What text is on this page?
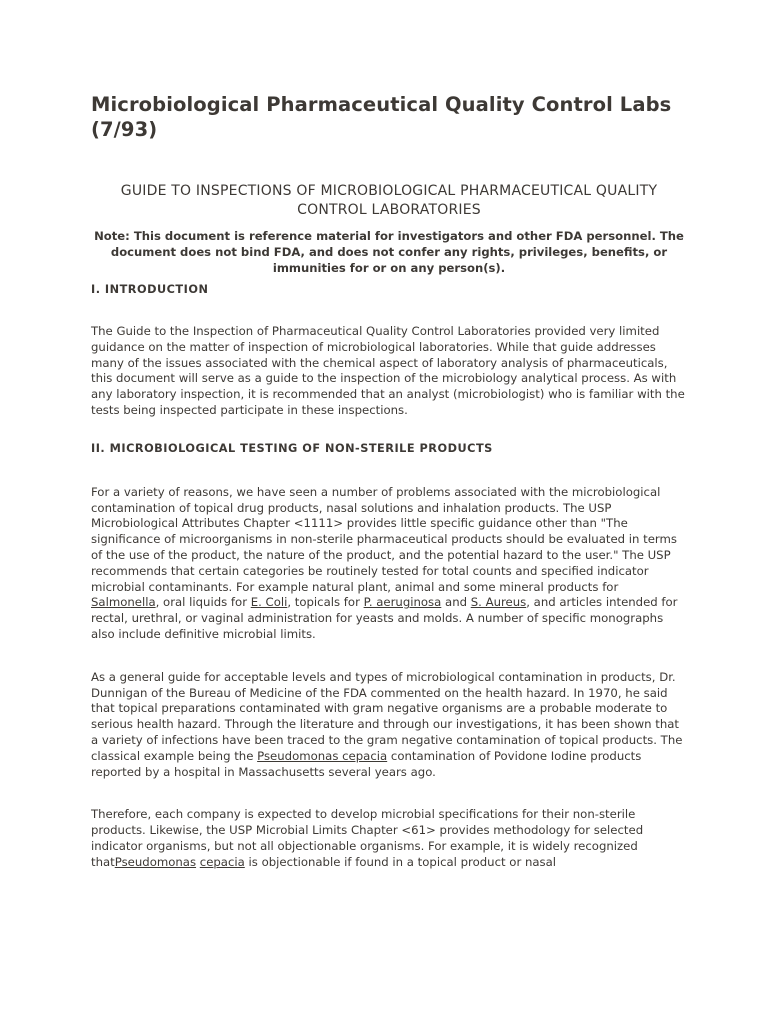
Microbiological Pharmaceutical Quality Control Labs (7/93)
GUIDE TO INSPECTIONS OF MICROBIOLOGICAL PHARMACEUTICAL QUALITY CONTROL LABORATORIES
Note: This document is reference material for investigators and other FDA personnel. The document does not bind FDA, and does not confer any rights, privileges, benefits, or immunities for or on any person(s).
I. INTRODUCTION

The Guide to the Inspection of Pharmaceutical Quality Control Laboratories provided very limited guidance on the matter of inspection of microbiological laboratories. While that guide addresses many of the issues associated with the chemical aspect of laboratory analysis of pharmaceuticals, this document will serve as a guide to the inspection of the microbiology analytical process. As with any laboratory inspection, it is recommended that an analyst (microbiologist) who is familiar with the tests being inspected participate in these inspections.

II. MICROBIOLOGICAL TESTING OF NON-STERILE PRODUCTS

For a variety of reasons, we have seen a number of problems associated with the microbiological contamination of topical drug products, nasal solutions and inhalation products. The USP Microbiological Attributes Chapter <1111> provides little specific guidance other than "The significance of microorganisms in non-sterile pharmaceutical products should be evaluated in terms of the use of the product, the nature of the product, and the potential hazard to the user." The USP recommends that certain categories be routinely tested for total counts and specified indicator microbial contaminants. For example natural plant, animal and some mineral products for Salmonella, oral liquids for E. Coli, topicals for P. aeruginosa and S. Aureus, and articles intended for rectal, urethral, or vaginal administration for yeasts and molds. A number of specific monographs also include definitive microbial limits.

As a general guide for acceptable levels and types of microbiological contamination in products, Dr. Dunnigan of the Bureau of Medicine of the FDA commented on the health hazard. In 1970, he said that topical preparations contaminated with gram negative organisms are a probable moderate to serious health hazard. Through the literature and through our investigations, it has been shown that a variety of infections have been traced to the gram negative contamination of topical products. The classical example being the Pseudomonas cepacia contamination of Povidone Iodine products reported by a hospital in Massachusetts several years ago.

Therefore, each company is expected to develop microbial specifications for their non-sterile products. Likewise, the USP Microbial Limits Chapter <61> provides methodology for selected indicator organisms, but not all objectionable organisms. For example, it is widely recognized thatPseudomonas cepacia is objectionable if found in a topical product or nasal
